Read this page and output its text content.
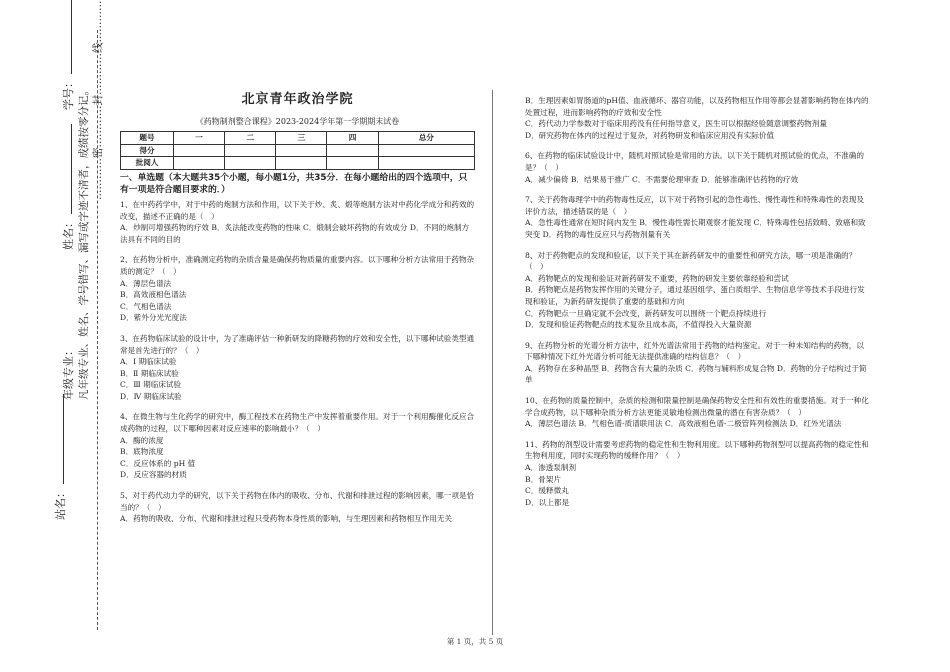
…………密…………封…………线…………
凡年级专业、姓名、学号错写、漏写或字迹不清者，成绩按零分记。
年级专业：
姓名：
学号：
站名：
北京青年政治学院
《药物制剂整合课程》2023-2024学年第一学期期末试卷
题号	一	二	三	四	总分
得分					
批阅人					
一、单选题（本大题共35个小题，每小题1分，共35分．在每小题给出的四个选项中，只有一项是符合题目要求的．）

1、在中药药学中，对于中药的炮制方法和作用，以下关于炒、炙、煅等炮制方法对中药化学成分和药效的改变，描述不正确的是（　）

A．炒制可增强药物的疗效 B．炙法能改变药物的性味 C．煅制会破坏药物的有效成分 D．不同的炮制方法具有不同的目的

2、在药物分析中，准确测定药物的杂质含量是确保药物质量的重要内容。以下哪种分析方法常用于药物杂质的测定？（　）

A．薄层色谱法

B．高效液相色谱法

C．气相色谱法

D．紫外分光光度法

3、在药物临床试验的设计中，为了准确评估一种新研发的降糖药物的疗效和安全性，以下哪种试验类型通常是首先进行的？（　）

A．Ⅰ 期临床试验

B．Ⅱ 期临床试验

C．Ⅲ 期临床试验

D．Ⅳ 期临床试验

4、在微生物与生化药学的研究中，酶工程技术在药物生产中发挥着重要作用。对于一个利用酶催化反应合成药物的过程，以下哪种因素对反应速率的影响最小？（　）

A．酶的浓度

B．底物浓度

C．反应体系的 pH 值

D．反应容器的材质

5、对于药代动力学的研究，以下关于药物在体内的吸收、分布、代谢和排泄过程的影响因素，哪一项是恰当的？（　）

A．药物的吸收、分布、代谢和排泄过程只受药物本身性质的影响，与生理因素和药物相互作用无关

B．生理因素如胃肠道的pH值、血液循环、器官功能，以及药物相互作用等都会显著影响药物在体内的处置过程，进而影响药物的疗效和安全性

C．药代动力学参数对于临床用药没有任何指导意义，医生可以根据经验随意调整药物剂量

D．研究药物在体内的过程过于复杂，对药物研发和临床应用没有实际价值

6、在药物的临床试验设计中，随机对照试验是常用的方法。以下关于随机对照试验的优点，不准确的是？（　）

A．减少偏倚 B．结果易于推广 C．不需要伦理审查 D．能够准确评估药物的疗效

7、关于药物毒理学中的药物毒性反应，以下对于药物引起的急性毒性、慢性毒性和特殊毒性的表现及评价方法，描述错误的是（　）

A．急性毒性通常在短时间内发生 B．慢性毒性需长期观察才能发现 C．特殊毒性包括致畸、致癌和致突变 D．药物的毒性反应只与药物剂量有关

8、对于药物靶点的发现和验证，以下关于其在新药研发中的重要性和研究方法，哪一项是准确的？（　）

A．药物靶点的发现和验证对新药研发不重要，药物的研发主要依靠经验和尝试

B．药物靶点是药物发挥作用的关键分子，通过基因组学、蛋白质组学、生物信息学等技术手段进行发现和验证，为新药研发提供了重要的基础和方向

C．药物靶点一旦确定就不会改变，新药研发可以围绕一个靶点持续进行

D．发现和验证药物靶点的技术复杂且成本高，不值得投入大量资源

9、在药物分析的光谱分析方法中，红外光谱法常用于药物的结构鉴定。对于一种未知结构的药物，以下哪种情况下红外光谱分析可能无法提供准确的结构信息？（　）

A．药物存在多种晶型 B．药物含有大量的杂质 C．药物与辅料形成复合物 D．药物的分子结构过于简单

10、在药物的质量控制中，杂质的检测和限量控制是确保药物安全性和有效性的重要措施。对于一种化学合成药物，以下哪种杂质分析方法更能灵敏地检测出微量的潜在有害杂质？（　）

A．薄层色谱法 B．气相色谱-质谱联用法 C．高效液相色谱-二极管阵列检测法 D．红外光谱法

11、药物的剂型设计需要考虑药物的稳定性和生物利用度。以下哪种药物剂型可以提高药物的稳定性和生物利用度，同时实现药物的缓释作用？（　）

A．渗透泵制剂

B．骨架片

C．缓释微丸

D．以上都是

第 1 页，共 5 页
